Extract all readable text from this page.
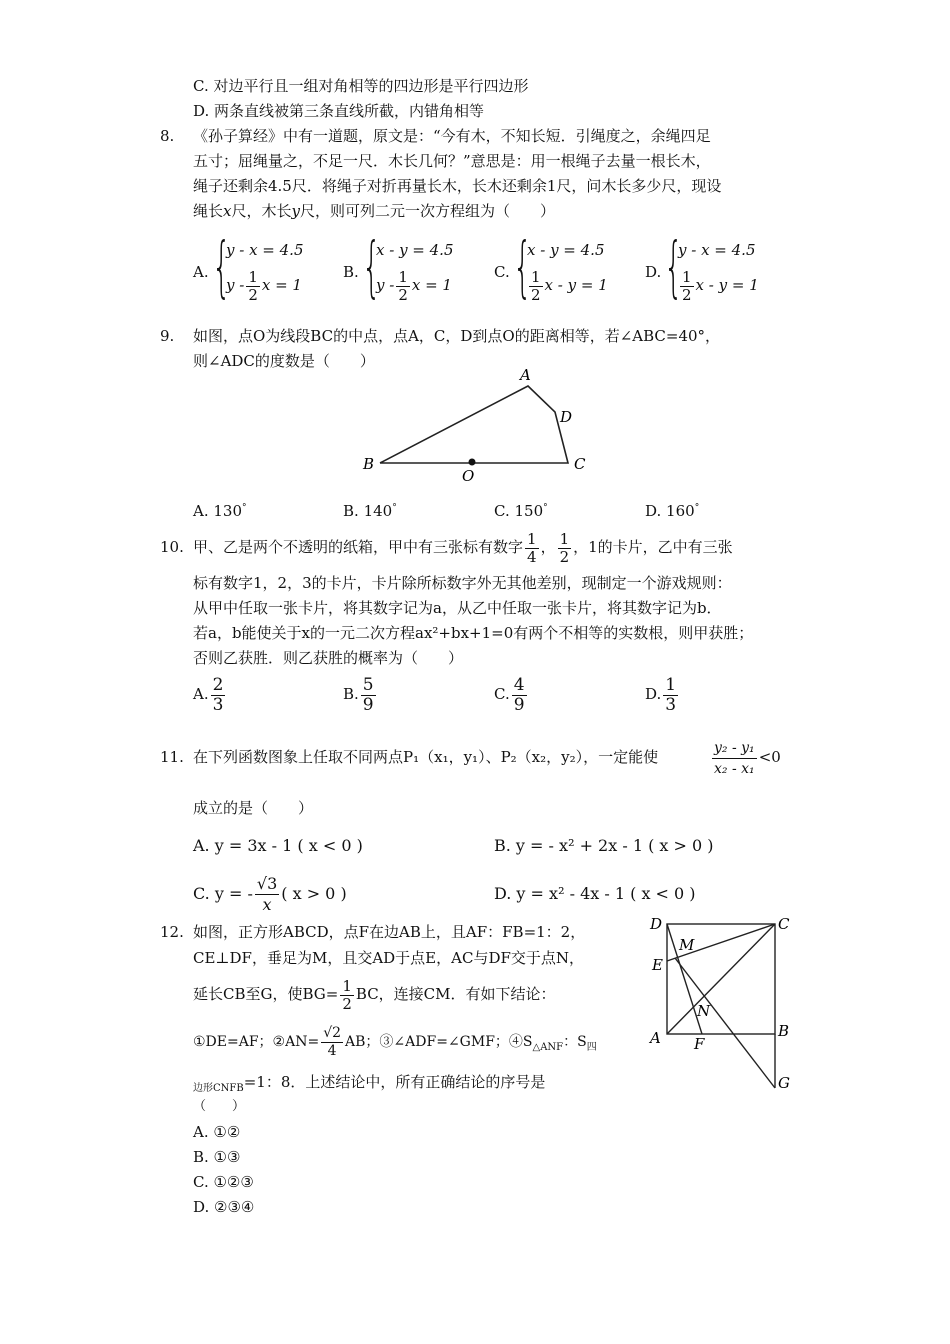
C. 对边平行且一组对角相等的四边形是平行四边形
D. 两条直线被第三条直线所截，内错角相等
8. 《孙子算经》中有一道题，原文是：“今有木，不知长短．引绳度之，余绳四足
五寸；屈绳量之，不足一尺．木长几何？”意思是：用一根绳子去量一根长木，
绳子还剩余4.5尺．将绳子对折再量长木，长木还剩余1尺，问木长多少尺，现设
绳长x尺，木长y尺，则可列二元一次方程组为（　　）
A. {
y - x = 4.5
y - $\frac{1}{2}$ x = 1
B. {
x - y = 4.5
y - $\frac{1}{2}$ x = 1
C. {
x - y = 4.5
$\frac{1}{2}$ x - y = 1
D. {
y - x = 4.5
$\frac{1}{2}$ x - y = 1
9. 如图，点O为线段BC的中点，点A，C，D到点O的距离相等，若∠ABC=40°，
则∠ADC的度数是（　　）
A
B	C
D
O
A. 130°	B. 140°	C. 150°	D. 160°
10. 甲、乙是两个不透明的纸箱，甲中有三张标有数字 $\frac{1}{4}$ ， $\frac{1}{2}$ ，1的卡片，乙中有三张
标有数字1，2，3的卡片，卡片除所标数字外无其他差别，现制定一个游戏规则：
从甲中任取一张卡片，将其数字记为a，从乙中任取一张卡片，将其数字记为b．
若a，b能使关于x的一元二次方程ax²+bx+1=0有两个不相等的实数根，则甲获胜；
否则乙获胜．则乙获胜的概率为（　　）
A. $\frac{2}{3}$	B. $\frac{5}{9}$	C. $\frac{4}{9}$	D. $\frac{1}{3}$
11. 在下列函数图象上任取不同两点P₁（x₁，y₁）、P₂（x₂，y₂），一定能使	$\frac{\text{y₂ - y₁}}{\text{x₂ - x₁}} <0$
成立的是（　　）
A. y = 3x - 1 ( x < 0 )	B. y = - x² + 2x - 1 ( x > 0 )
C. y = - $\frac{√3}{x}$ ( x > 0 )	D. y = x² - 4x - 1 ( x < 0 )
12. 如图，正方形ABCD，点F在边AB上，且AF：FB=1：2，
CE⊥DF，垂足为M，且交AD于点E，AC与DF交于点N，
延长CB至G，使$BG= \frac{1}{2}$ BC，连接CM．有如下结论：
①DE=AF；②AN= $\frac{√2}{4}$ AB；③∠ADF=∠GMF；$④S_{\triangle ANF}$：$S_四$
$_{边形CNFB}$=1：8．上述结论中，所有正确结论的序号是
（　　）
A. ①②
B. ①③
C. ①②③
D. ②③④
D	C
M
E
N
A F
B
G
